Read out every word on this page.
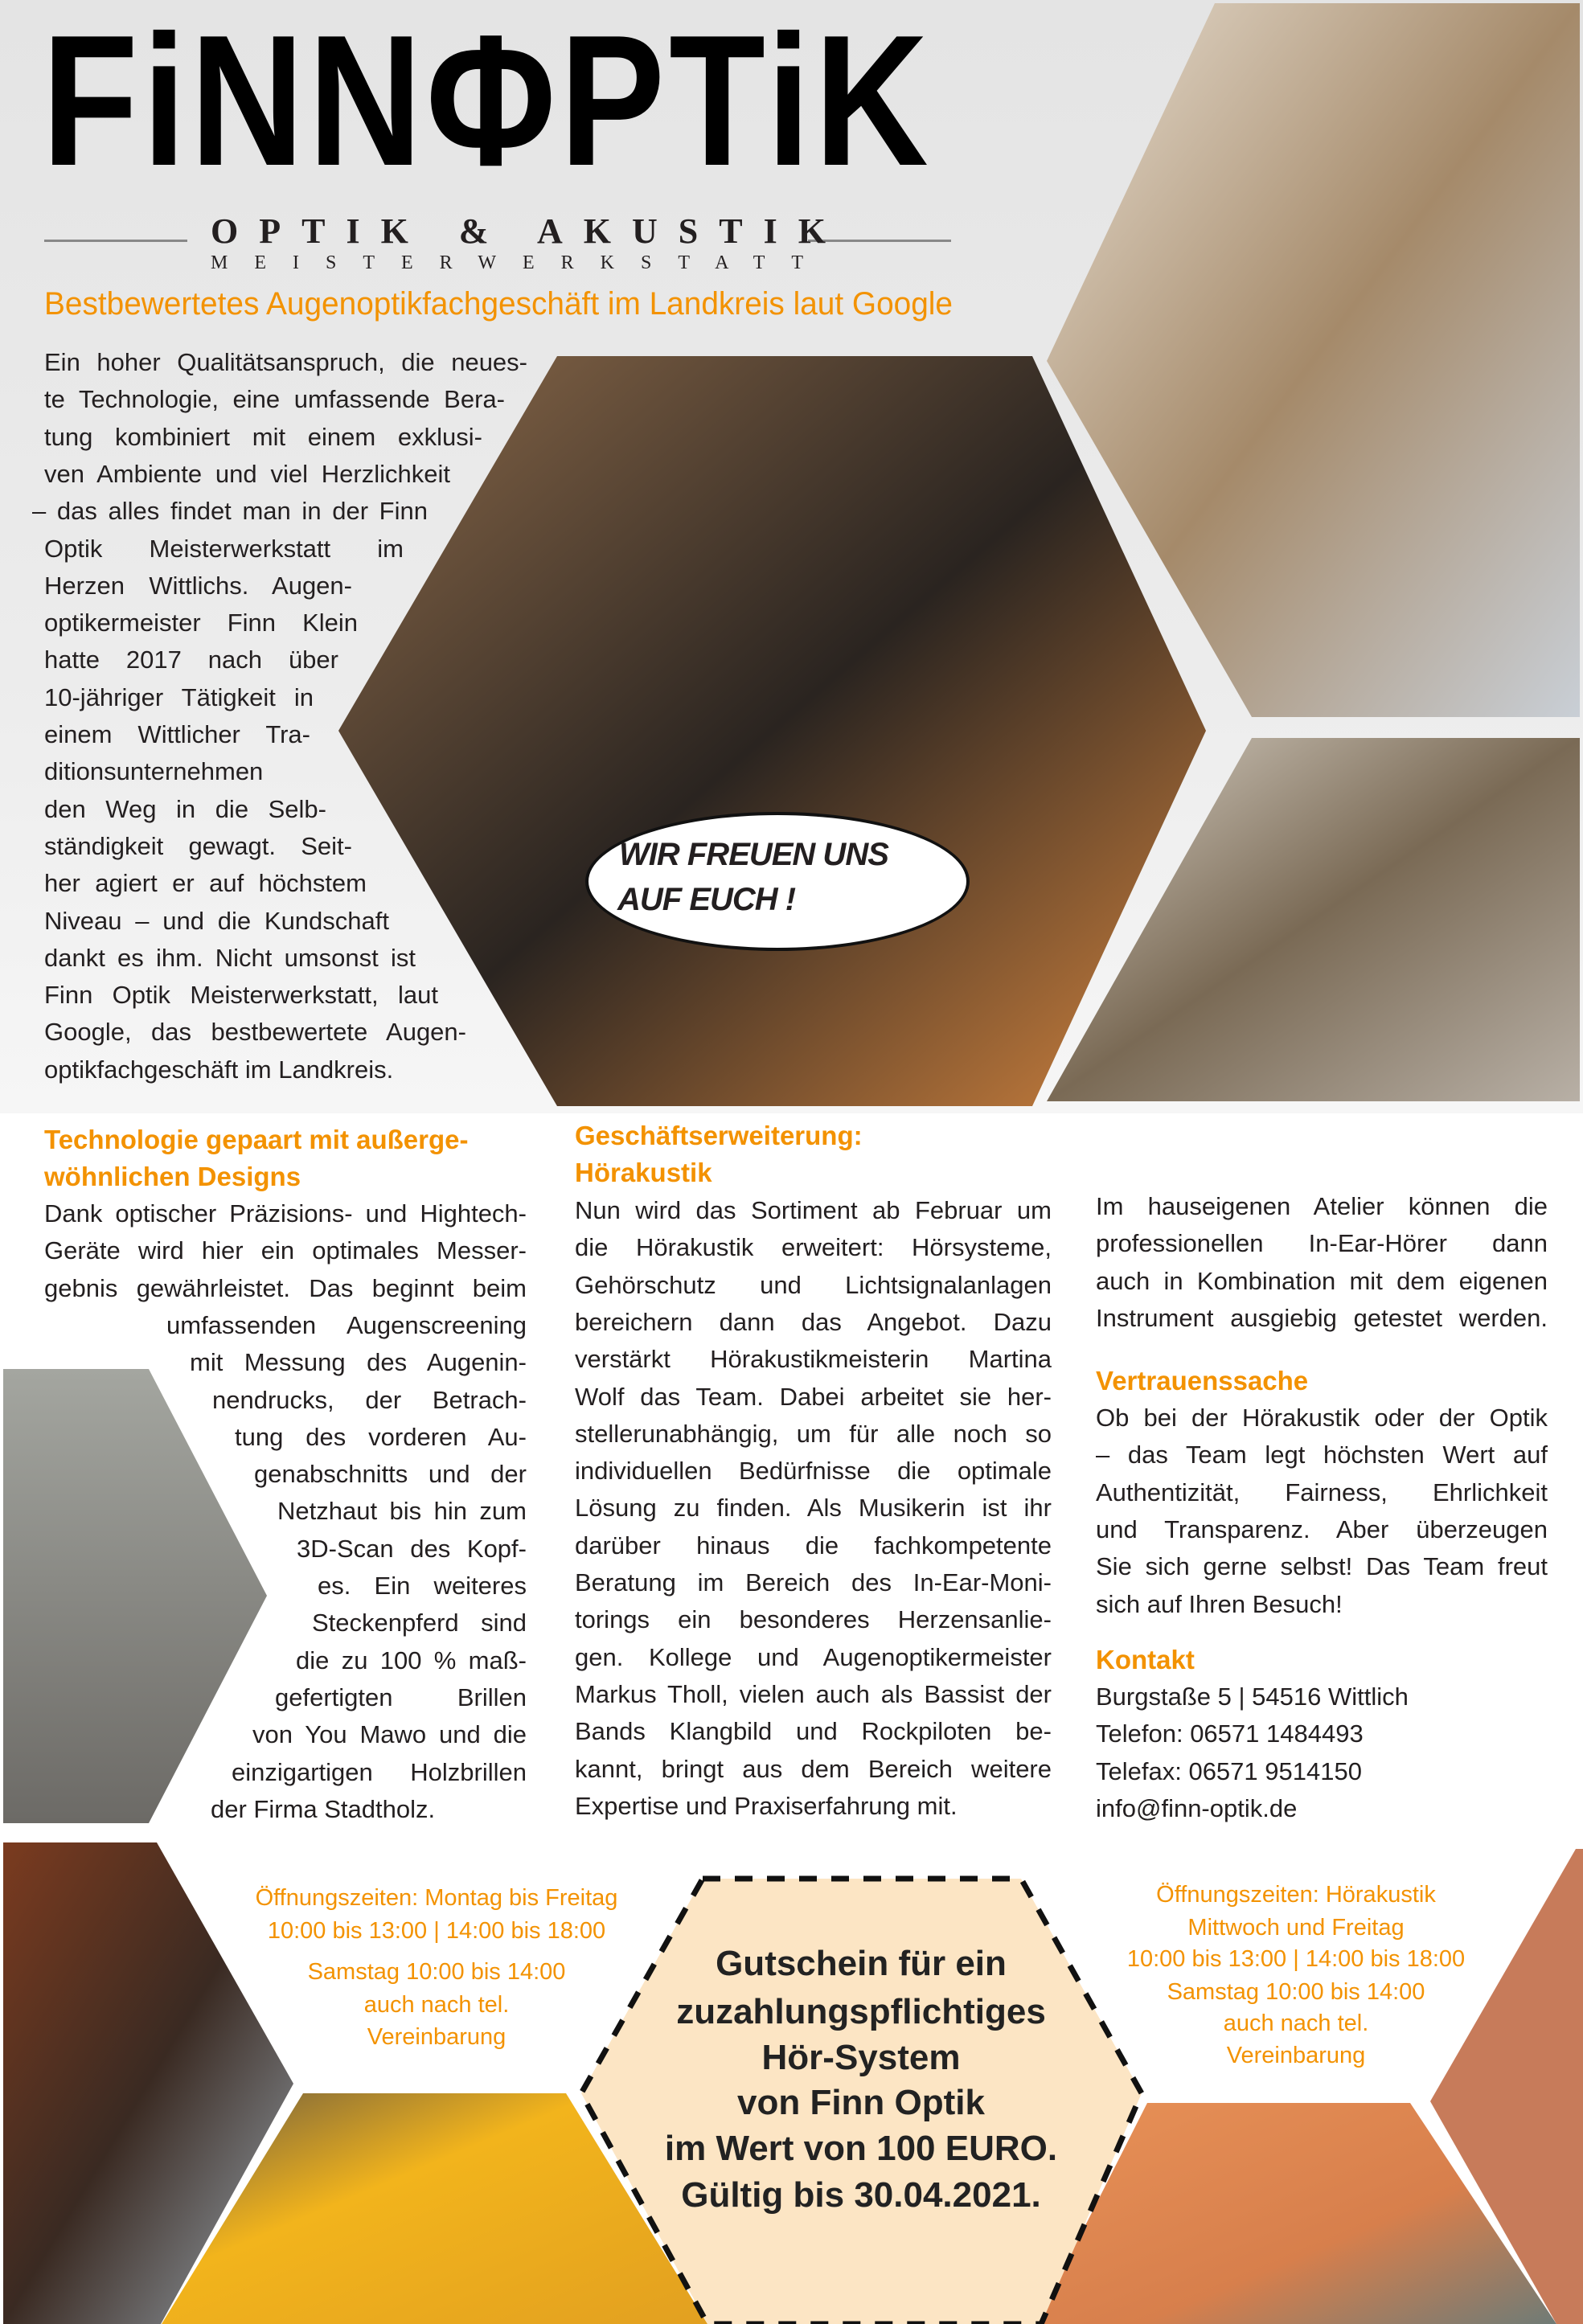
WIR FREUEN UNS
AUF EUCH !
FiNNΦPTiK
OPTIK & AKUSTIK
MEISTERWERKSTATT
Bestbewertetes Augenoptikfachgeschäft im Landkreis laut Google
Ein hoher Qualitätsanspruch, die neues-
te Technologie, eine umfassende Bera-
tung kombiniert mit einem exklusi-
ven Ambiente und viel Herzlichkeit
– das alles findet man in der Finn
Optik Meisterwerkstatt im
Herzen Wittlichs. Augen-
optikermeister Finn Klein
hatte 2017 nach über
10-jähriger Tätigkeit in
einem Wittlicher Tra-
ditionsunternehmen
den Weg in die Selb-
ständigkeit gewagt. Seit-
her agiert er auf höchstem
Niveau – und die Kundschaft
dankt es ihm. Nicht umsonst ist
Finn Optik Meisterwerkstatt, laut
Google, das bestbewertete Augen-
optikfachgeschäft im Landkreis.
Technologie gepaart mit außerge-
wöhnlichen Designs
Dank optischer Präzisions- und Hightech-
Geräte wird hier ein optimales Messer-
gebnis gewährleistet. Das beginnt beim
umfassenden Augenscreening
mit Messung des Augenin-
nendrucks, der Betrach-
tung des vorderen Au-
genabschnitts und der
Netzhaut bis hin zum
3D-Scan des Kopf-
es. Ein weiteres
Steckenpferd sind
die zu 100 % maß-
gefertigten Brillen
von You Mawo und die
einzigartigen Holzbrillen
der Firma Stadtholz.
Geschäftserweiterung:
Hörakustik
Nun wird das Sortiment ab Februar um
die Hörakustik erweitert: Hörsysteme,
Gehörschutz und Lichtsignalanlagen
bereichern dann das Angebot. Dazu
verstärkt Hörakustikmeisterin Martina
Wolf das Team. Dabei arbeitet sie her-
stellerunabhängig, um für alle noch so
individuellen Bedürfnisse die optimale
Lösung zu finden. Als Musikerin ist ihr
darüber hinaus die fachkompetente
Beratung im Bereich des In-Ear-Moni-
torings ein besonderes Herzensanlie-
gen. Kollege und Augenoptikermeister
Markus Tholl, vielen auch als Bassist der
Bands Klangbild und Rockpiloten be-
kannt, bringt aus dem Bereich weitere
Expertise und Praxiserfahrung mit.
Im hauseigenen Atelier können die
professionellen In-Ear-Hörer dann
auch in Kombination mit dem eigenen
Instrument ausgiebig getestet werden.
Vertrauenssache
Ob bei der Hörakustik oder der Optik
– das Team legt höchsten Wert auf
Authentizität, Fairness, Ehrlichkeit
und Transparenz. Aber überzeugen
Sie sich gerne selbst! Das Team freut
sich auf Ihren Besuch!
Kontakt
Burgstaße 5 | 54516 Wittlich
Telefon: 06571 1484493
Telefax: 06571 9514150
info@finn-optik.de
Öffnungszeiten: Montag bis Freitag
10:00 bis 13:00 | 14:00 bis 18:00
Samstag 10:00 bis 14:00
auch nach tel.
Vereinbarung
Öffnungszeiten: Hörakustik
Mittwoch und Freitag
10:00 bis 13:00 | 14:00 bis 18:00
Samstag 10:00 bis 14:00
auch nach tel.
Vereinbarung
Gutschein für ein
zuzahlungspflichtiges
Hör-System
von Finn Optik
im Wert von 100 EURO.
Gültig bis 30.04.2021.
